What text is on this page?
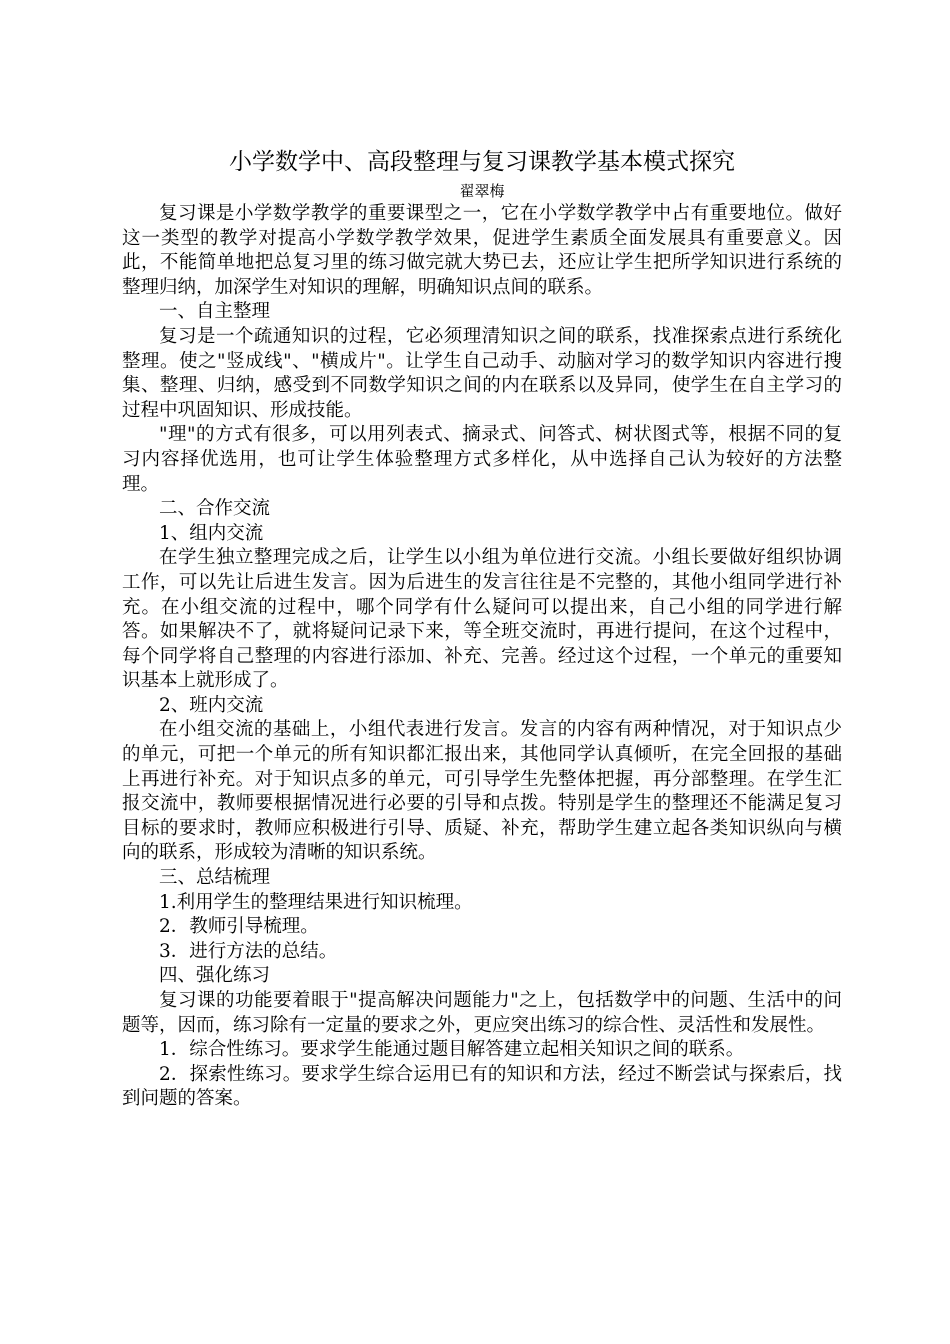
小学数学中、高段整理与复习课教学基本模式探究

翟翠梅

复习课是小学数学教学的重要课型之一，它在小学数学教学中占有重要地位。做好这一类型的教学对提高小学数学教学效果，促进学生素质全面发展具有重要意义。因此，不能简单地把总复习里的练习做完就大势已去，还应让学生把所学知识进行系统的整理归纳，加深学生对知识的理解，明确知识点间的联系。
一、自主整理
复习是一个疏通知识的过程，它必须理清知识之间的联系，找准探索点进行系统化整理。使之"竖成线"、"横成片"。让学生自己动手、动脑对学习的数学知识内容进行搜集、整理、归纳，感受到不同数学知识之间的内在联系以及异同，使学生在自主学习的过程中巩固知识、形成技能。
"理"的方式有很多，可以用列表式、摘录式、问答式、树状图式等，根据不同的复习内容择优选用，也可让学生体验整理方式多样化，从中选择自己认为较好的方法整理。
二、合作交流
1、组内交流
在学生独立整理完成之后，让学生以小组为单位进行交流。小组长要做好组织协调工作，可以先让后进生发言。因为后进生的发言往往是不完整的，其他小组同学进行补充。在小组交流的过程中，哪个同学有什么疑问可以提出来，自己小组的同学进行解答。如果解决不了，就将疑问记录下来，等全班交流时，再进行提问，在这个过程中，每个同学将自己整理的内容进行添加、补充、完善。经过这个过程，一个单元的重要知识基本上就形成了。
2、班内交流
在小组交流的基础上，小组代表进行发言。发言的内容有两种情况，对于知识点少的单元，可把一个单元的所有知识都汇报出来，其他同学认真倾听，在完全回报的基础上再进行补充。对于知识点多的单元，可引导学生先整体把握，再分部整理。在学生汇报交流中，教师要根据情况进行必要的引导和点拨。特别是学生的整理还不能满足复习目标的要求时，教师应积极进行引导、质疑、补充，帮助学生建立起各类知识纵向与横向的联系，形成较为清晰的知识系统。
三、总结梳理
1.利用学生的整理结果进行知识梳理。
2．教师引导梳理。
3．进行方法的总结。
四、强化练习
复习课的功能要着眼于"提高解决问题能力"之上，包括数学中的问题、生活中的问题等，因而，练习除有一定量的要求之外，更应突出练习的综合性、灵活性和发展性。
1．综合性练习。要求学生能通过题目解答建立起相关知识之间的联系。
2．探索性练习。要求学生综合运用已有的知识和方法，经过不断尝试与探索后，找到问题的答案。
